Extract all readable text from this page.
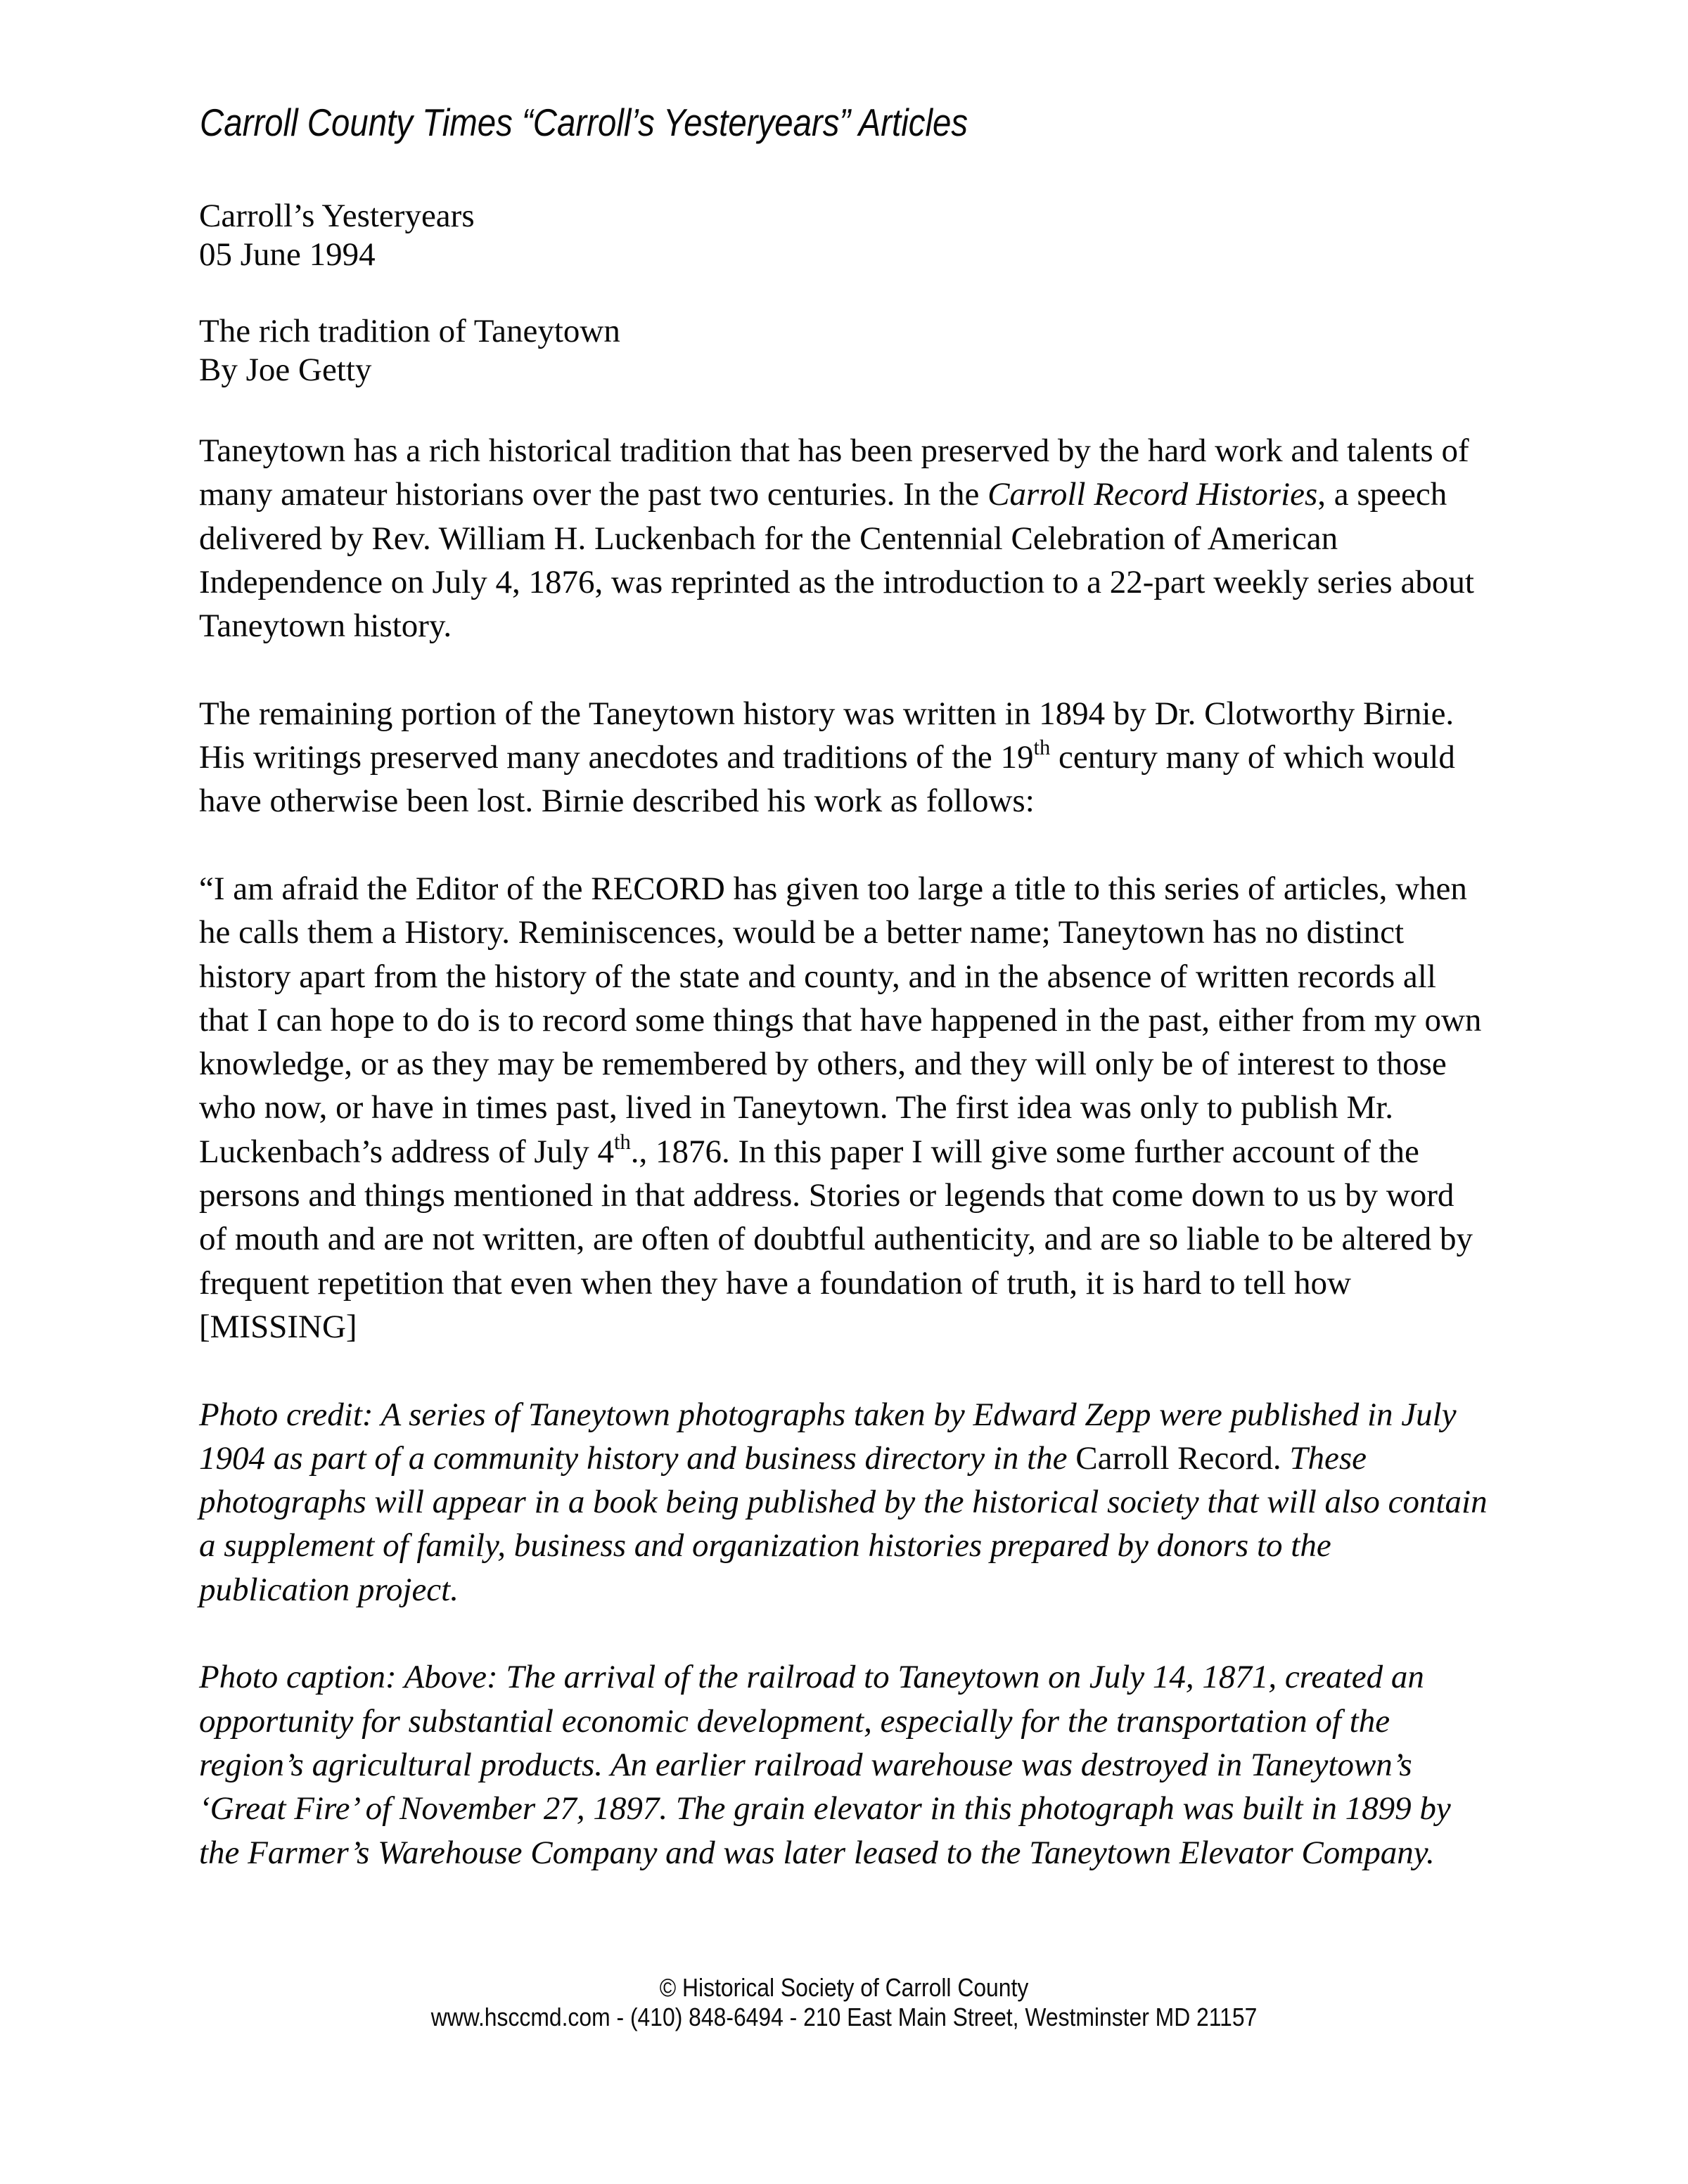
Carroll County Times “Carroll’s Yesteryears” Articles
Carroll’s Yesteryears
05 June 1994
The rich tradition of Taneytown
By Joe Getty
Taneytown has a rich historical tradition that has been preserved by the hard work and talents of
many amateur historians over the past two centuries. In the Carroll Record Histories, a speech
delivered by Rev. William H. Luckenbach for the Centennial Celebration of American
Independence on July 4, 1876, was reprinted as the introduction to a 22-part weekly series about
Taneytown history.
The remaining portion of the Taneytown history was written in 1894 by Dr. Clotworthy Birnie.
His writings preserved many anecdotes and traditions of the 19th century many of which would
have otherwise been lost. Birnie described his work as follows:
“I am afraid the Editor of the RECORD has given too large a title to this series of articles, when
he calls them a History. Reminiscences, would be a better name; Taneytown has no distinct
history apart from the history of the state and county, and in the absence of written records all
that I can hope to do is to record some things that have happened in the past, either from my own
knowledge, or as they may be remembered by others, and they will only be of interest to those
who now, or have in times past, lived in Taneytown. The first idea was only to publish Mr.
Luckenbach’s address of July 4th., 1876. In this paper I will give some further account of the
persons and things mentioned in that address. Stories or legends that come down to us by word
of mouth and are not written, are often of doubtful authenticity, and are so liable to be altered by
frequent repetition that even when they have a foundation of truth, it is hard to tell how
[MISSING]
Photo credit: A series of Taneytown photographs taken by Edward Zepp were published in July
1904 as part of a community history and business directory in the Carroll Record. These
photographs will appear in a book being published by the historical society that will also contain
a supplement of family, business and organization histories prepared by donors to the
publication project.
Photo caption: Above: The arrival of the railroad to Taneytown on July 14, 1871, created an
opportunity for substantial economic development, especially for the transportation of the
region’s agricultural products. An earlier railroad warehouse was destroyed in Taneytown’s
‘Great Fire’ of November 27, 1897. The grain elevator in this photograph was built in 1899 by
the Farmer’s Warehouse Company and was later leased to the Taneytown Elevator Company.
© Historical Society of Carroll County
www.hsccmd.com - (410) 848-6494 - 210 East Main Street, Westminster MD 21157
